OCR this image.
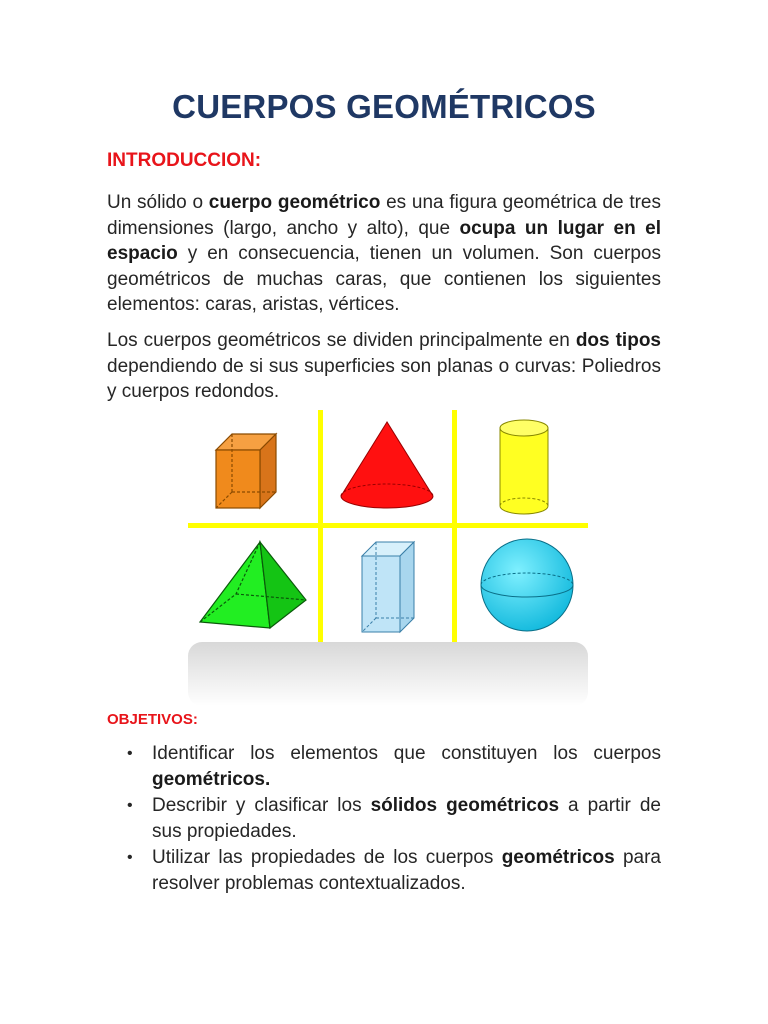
CUERPOS GEOMÉTRICOS

INTRODUCCION:

Un sólido o cuerpo geométrico es una figura geométrica de tres dimensiones (largo, ancho y alto), que ocupa un lugar en el espacio y en consecuencia, tienen un volumen. Son cuerpos geométricos de muchas caras, que contienen los siguientes elementos: caras, aristas, vértices.

Los cuerpos geométricos se dividen principalmente en dos tipos dependiendo de si sus superficies son planas o curvas: Poliedros y cuerpos redondos.

OBJETIVOS:

• Identificar los elementos que constituyen los cuerpos geométricos.
• Describir y clasificar los sólidos geométricos a partir de sus propiedades.
• Utilizar las propiedades de los cuerpos geométricos para resolver problemas contextualizados.
